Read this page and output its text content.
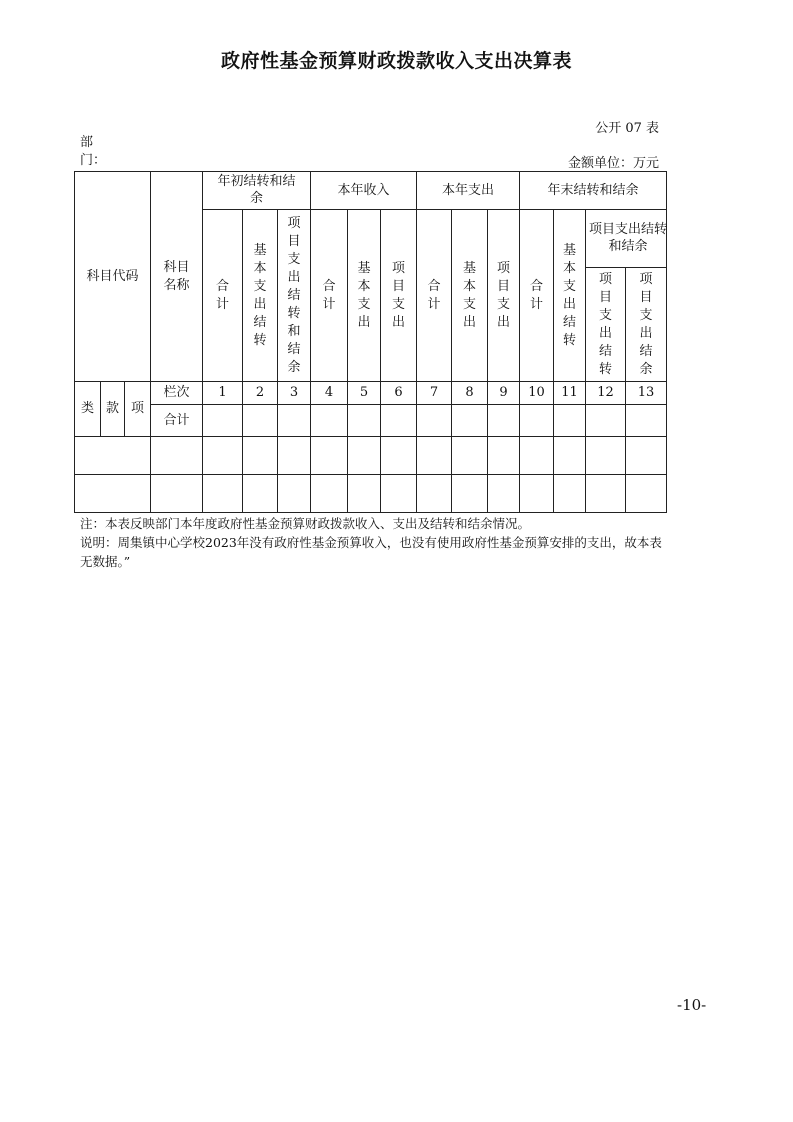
政府性基金预算财政拨款收入支出决算表
公开 07 表
部门：	金额单位：万元
科目代码			科目名称	年初结转和结余			本年收入			本年支出			年末结转和结余			
				合计	基本支出结转	项目支出结转和结余	合计	基本支出	项目支出	合计	基本支出	项目支出	合计	基本支出结转	项目支出结转和结余	
															项目支出结转	项目支出结余
类	款	项	栏次	1	2	3	4	5	6	7	8	9	10	11	12	13
			合计													

注：本表反映部门本年度政府性基金预算财政拨款收入、支出及结转和结余情况。
说明：周集镇中心学校2023年没有政府性基金预算收入，也没有使用政府性基金预算安排的支出，故本表无数据。”
-10-
